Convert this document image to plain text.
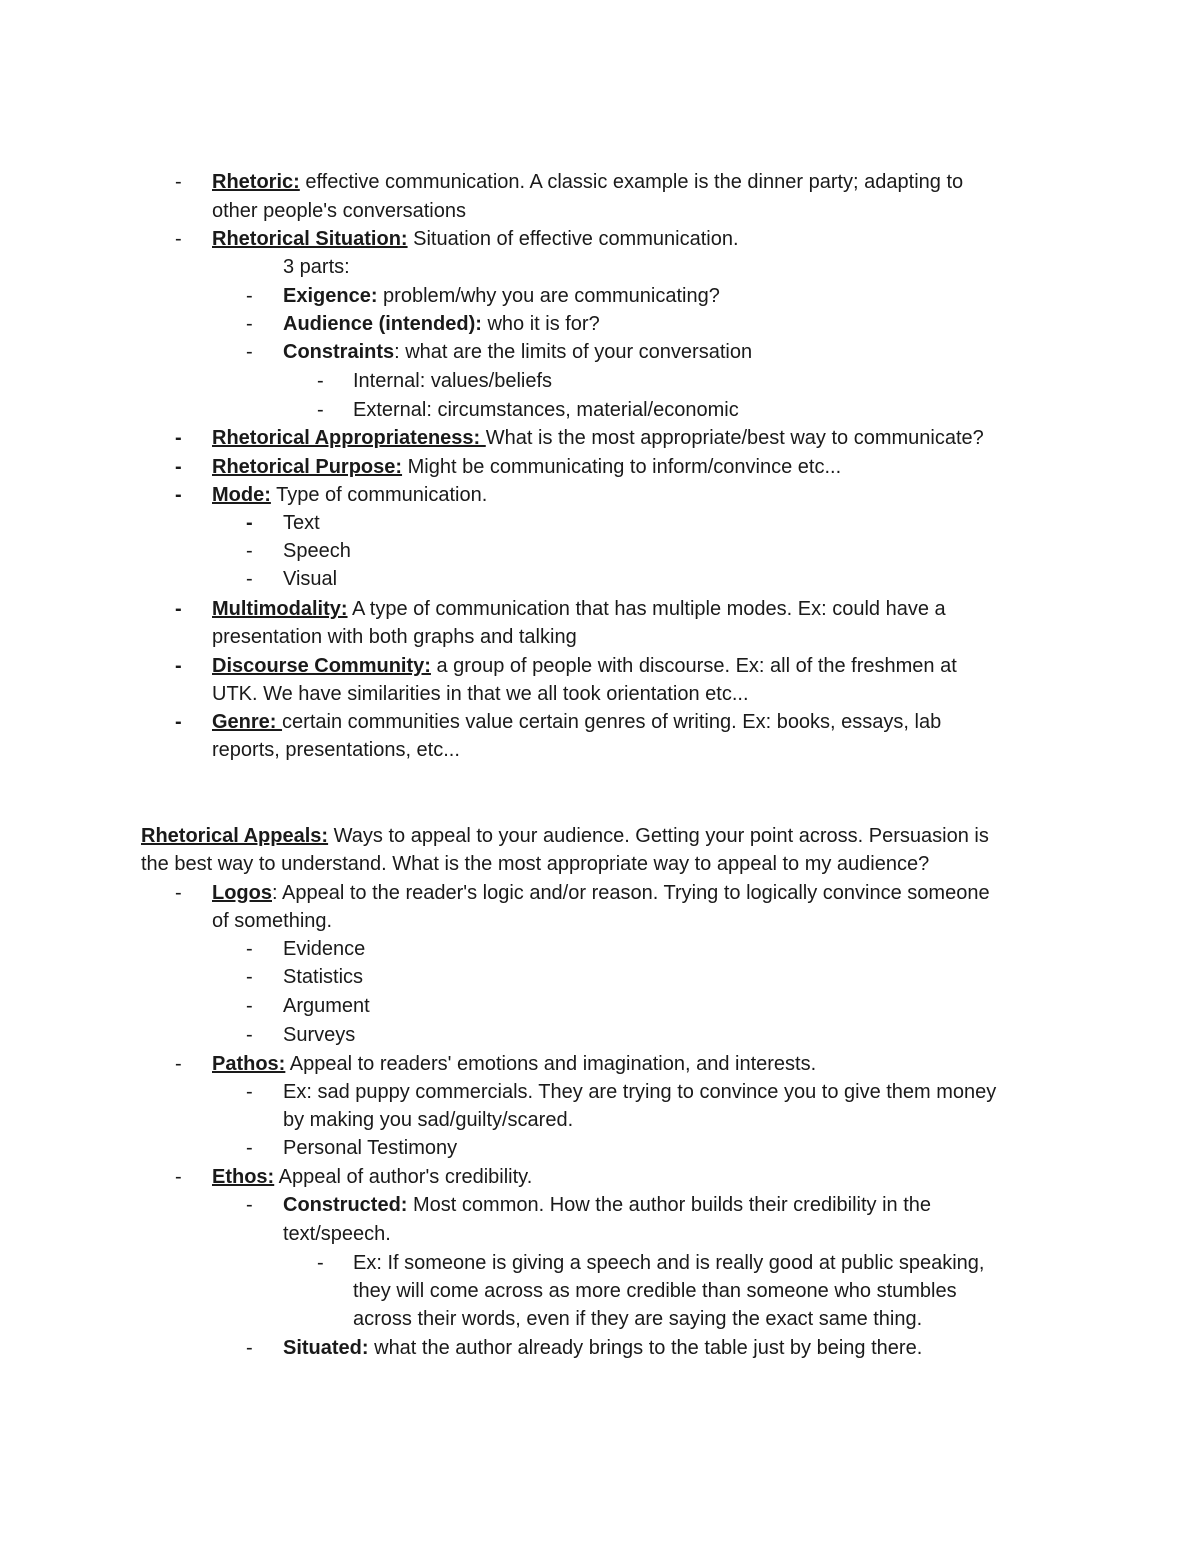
- Rhetoric: effective communication. A classic example is the dinner party; adapting to
other people's conversations
- Rhetorical Situation: Situation of effective communication.
3 parts:
- Exigence: problem/why you are communicating?
- Audience (intended): who it is for?
- Constraints: what are the limits of your conversation
- Internal: values/beliefs
- External: circumstances, material/economic
- Rhetorical Appropriateness: What is the most appropriate/best way to communicate?
- Rhetorical Purpose: Might be communicating to inform/convince etc...
- Mode: Type of communication.
- Text
- Speech
- Visual
- Multimodality: A type of communication that has multiple modes. Ex: could have a
presentation with both graphs and talking
- Discourse Community: a group of people with discourse. Ex: all of the freshmen at
UTK. We have similarities in that we all took orientation etc...
- Genre: certain communities value certain genres of writing. Ex: books, essays, lab
reports, presentations, etc...
Rhetorical Appeals: Ways to appeal to your audience. Getting your point across. Persuasion is
the best way to understand. What is the most appropriate way to appeal to my audience?
- Logos: Appeal to the reader's logic and/or reason. Trying to logically convince someone
of something.
- Evidence
- Statistics
- Argument
- Surveys
- Pathos: Appeal to readers' emotions and imagination, and interests.
- Ex: sad puppy commercials. They are trying to convince you to give them money
by making you sad/guilty/scared.
- Personal Testimony
- Ethos: Appeal of author's credibility.
- Constructed: Most common. How the author builds their credibility in the
text/speech.
- Ex: If someone is giving a speech and is really good at public speaking,
they will come across as more credible than someone who stumbles
across their words, even if they are saying the exact same thing.
- Situated: what the author already brings to the table just by being there.
